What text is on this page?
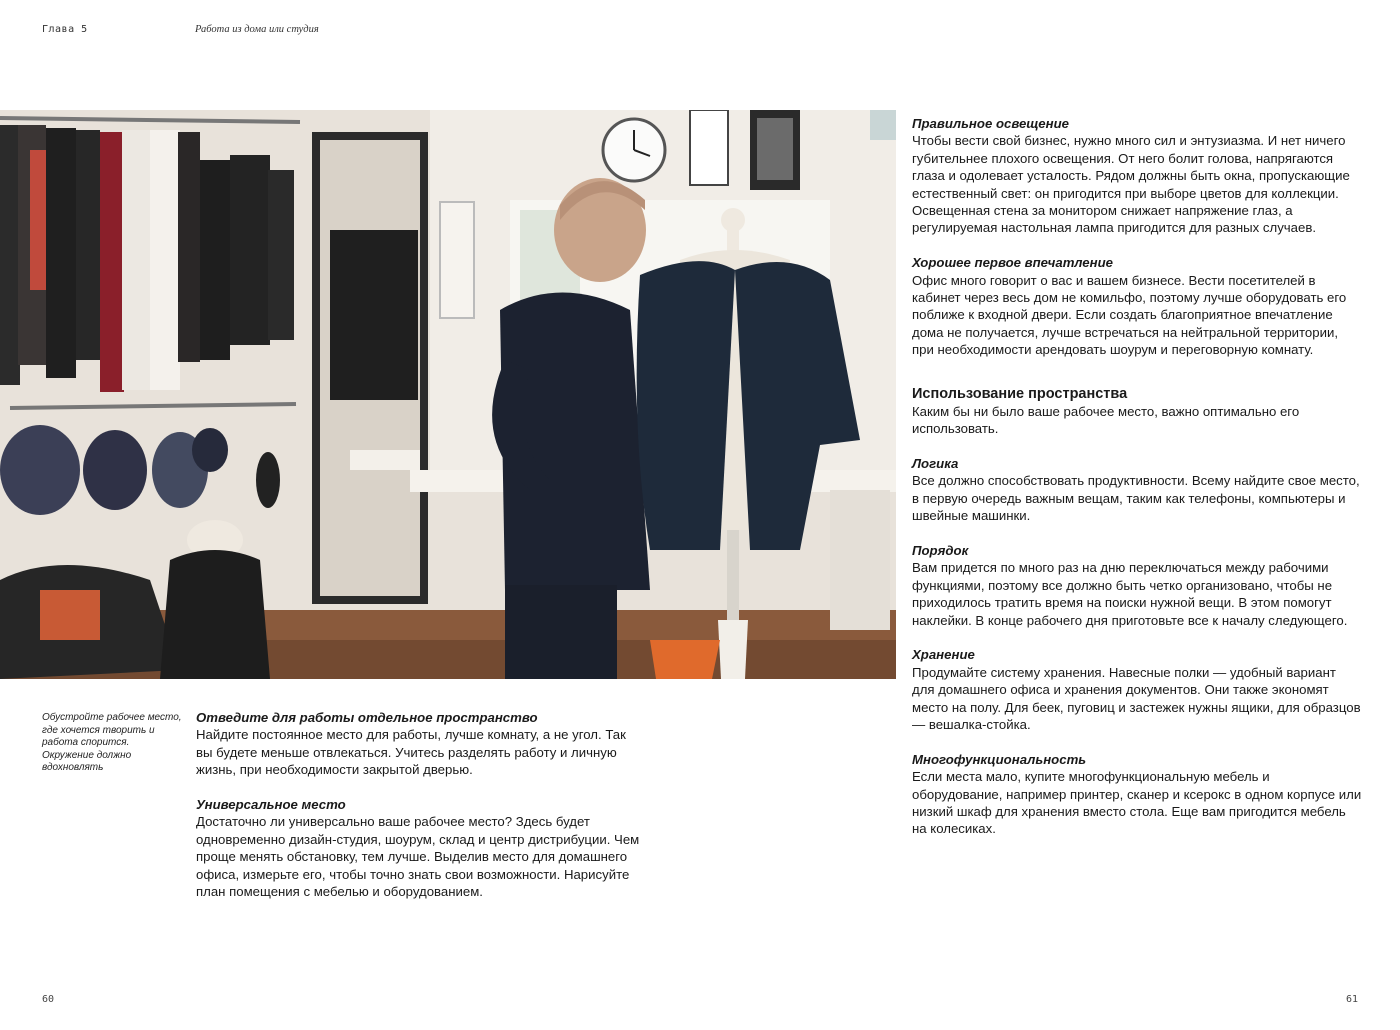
Глава 5	Работа из дома или студия
Обустройте рабочее место, где хочется творить и работа спорится. Окружение должно вдохновлять
Отведите для работы отдельное пространство

Найдите постоянное место для работы, лучше комнату, а не угол. Так вы будете меньше отвлекаться. Учитесь разделять работу и личную жизнь, при необходимости закрытой дверью.

Универсальное место

Достаточно ли универсально ваше рабочее место? Здесь будет одновременно дизайн-студия, шоурум, склад и центр дистрибуции. Чем проще менять обстановку, тем лучше. Выделив место для домашнего офиса, измерьте его, чтобы точно знать свои возможности. Нарисуйте план помещения с мебелью и оборудованием.

Правильное освещение

Чтобы вести свой бизнес, нужно много сил и энтузиазма. И нет ничего губительнее плохого освещения. От него болит голова, напрягаются глаза и одолевает усталость. Рядом должны быть окна, пропускающие естественный свет: он пригодится при выборе цветов для коллекции. Освещенная стена за монитором снижает напряжение глаз, а регулируемая настольная лампа пригодится для разных случаев.

Хорошее первое впечатление

Офис много говорит о вас и вашем бизнесе. Вести посетителей в кабинет через весь дом не комильфо, поэтому лучше оборудовать его поближе к входной двери. Если создать благоприятное впечатление дома не получается, лучше встречаться на нейтральной территории, при необходимости арендовать шоурум и переговорную комнату.

Использование пространства

Каким бы ни было ваше рабочее место, важно оптимально его использовать.

Логика

Все должно способствовать продуктивности. Всему найдите свое место, в первую очередь важным вещам, таким как телефоны, компьютеры и швейные машинки.

Порядок

Вам придется по много раз на дню переключаться между рабочими функциями, поэтому все должно быть четко организовано, чтобы не приходилось тратить время на поиски нужной вещи. В этом помогут наклейки. В конце рабочего дня приготовьте все к началу следующего.

Хранение

Продумайте систему хранения. Навесные полки — удобный вариант для домашнего офиса и хранения документов. Они также экономят место на полу. Для беек, пуговиц и застежек нужны ящики, для образцов — вешалка-стойка.

Многофункциональность

Если места мало, купите многофункциональную мебель и оборудование, например принтер, сканер и ксерокс в одном корпусе или низкий шкаф для хранения вместо стола. Еще вам пригодится мебель на колесиках.

60	61
